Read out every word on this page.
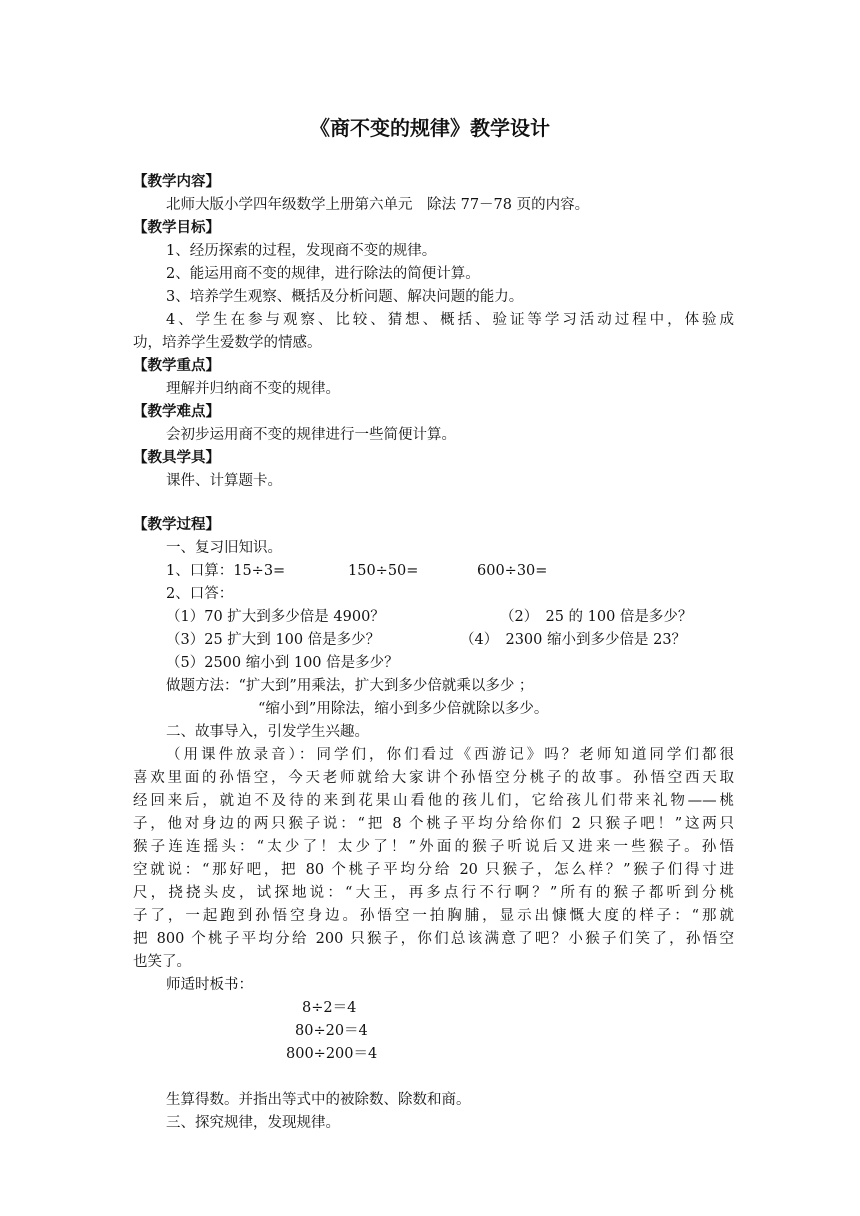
《商不变的规律》教学设计
【教学内容】
北师大版小学四年级数学上册第六单元　除法 77－78 页的内容。
【教学目标】
1、经历探索的过程，发现商不变的规律。
2、能运用商不变的规律，进行除法的简便计算。
3、培养学生观察、概括及分析问题、解决问题的能力。
4、学生在参与观察、比较、猜想、概括、验证等学习活动过程中，体验成
功，培养学生爱数学的情感。
【教学重点】
理解并归纳商不变的规律。
【教学难点】
会初步运用商不变的规律进行一些简便计算。
【教具学具】
课件、计算题卡。
【教学过程】
一、复习旧知识。
1、口算：15÷3=	150÷50=	600÷30=
2、口答：
（1）70 扩大到多少倍是 4900？	（2）　25 的 100 倍是多少？
（3）25 扩大到 100 倍是多少？	（4）　2300 缩小到多少倍是 23？
（5）2500 缩小到 100 倍是多少？
做题方法：“扩大到”用乘法，扩大到多少倍就乘以多少 ；
“缩小到”用除法，缩小到多少倍就除以多少。
二、故事导入，引发学生兴趣。
（用课件放录音）：同学们，你们看过《西游记》吗？老师知道同学们都很
喜欢里面的孙悟空，今天老师就给大家讲个孙悟空分桃子的故事。孙悟空西天取
经回来后，就迫不及待的来到花果山看他的孩儿们，它给孩儿们带来礼物——桃
子，他对身边的两只猴子说：“把 8 个桃子平均分给你们 2 只猴子吧！”这两只
猴子连连摇头：“太少了！太少了！”外面的猴子听说后又进来一些猴子。孙悟
空就说：“那好吧，把 80 个桃子平均分给 20 只猴子，怎么样？”猴子们得寸进
尺，挠挠头皮，试探地说：“大王，再多点行不行啊？”所有的猴子都听到分桃
子了，一起跑到孙悟空身边。孙悟空一拍胸脯，显示出慷慨大度的样子：“那就
把 800 个桃子平均分给 200 只猴子，你们总该满意了吧？小猴子们笑了，孙悟空
也笑了。
师适时板书：
8÷2＝4
80÷20＝4
800÷200＝4
生算得数。并指出等式中的被除数、除数和商。
三、探究规律，发现规律。
